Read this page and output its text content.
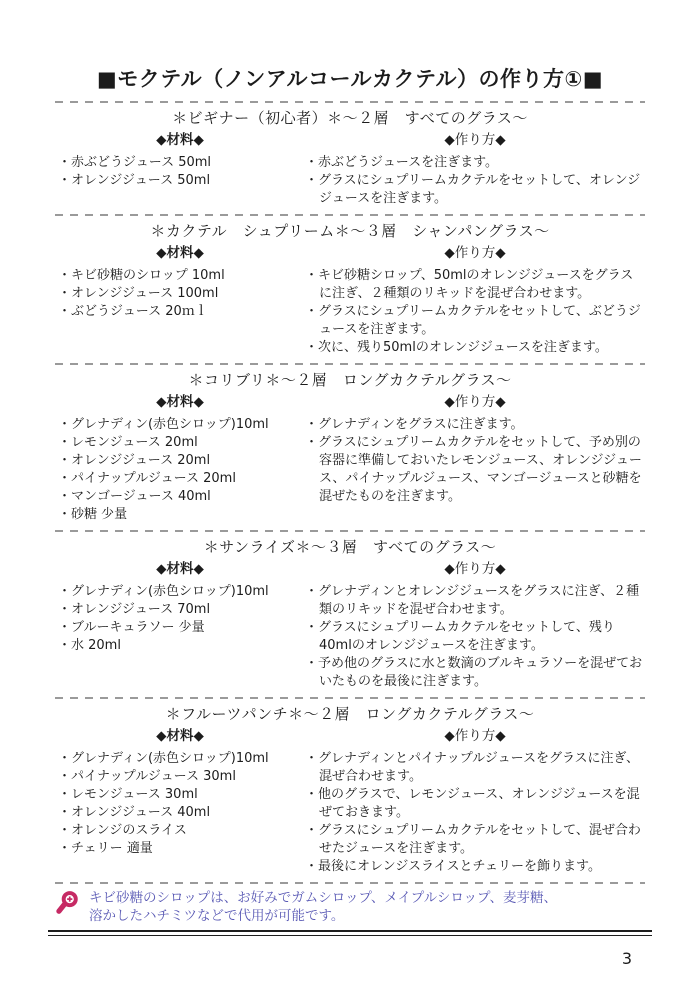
■モクテル（ノンアルコールカクテル）の作り方①■
＊ビギナー（初心者）＊～２層　すべてのグラス～
◆材料◆
・赤ぶどうジュース 50ml
・オレンジジュース 50ml
◆作り方◆
・赤ぶどうジュースを注ぎます。
・グラスにシュプリームカクテルをセットして、オレンジジュースを注ぎます。
＊カクテル　シュプリーム＊～３層　シャンパングラス～
◆材料◆
・キビ砂糖のシロップ 10ml
・オレンジジュース 100ml
・ぶどうジュース 20ｍｌ
◆作り方◆
・キビ砂糖シロップ、50mlのオレンジジュースをグラスに注ぎ、２種類のリキッドを混ぜ合わせます。
・グラスにシュプリームカクテルをセットして、ぶどうジュースを注ぎます。
・次に、残り50mlのオレンジジュースを注ぎます。
＊コリブリ＊～２層　ロングカクテルグラス～
◆材料◆
・グレナディン(赤色シロップ)10ml
・レモンジュース 20ml
・オレンジジュース 20ml
・パイナップルジュース 20ml
・マンゴージュース 40ml
・砂糖 少量
◆作り方◆
・グレナディンをグラスに注ぎます。
・グラスにシュプリームカクテルをセットして、予め別の容器に準備しておいたレモンジュース、オレンジジュース、パイナップルジュース、マンゴージュースと砂糖を混ぜたものを注ぎます。
＊サンライズ＊～３層　すべてのグラス～
◆材料◆
・グレナディン(赤色シロップ)10ml
・オレンジジュース 70ml
・ブルーキュラソー 少量
・水 20ml
◆作り方◆
・グレナディンとオレンジジュースをグラスに注ぎ、２種類のリキッドを混ぜ合わせます。
・グラスにシュプリームカクテルをセットして、残り40mlのオレンジジュースを注ぎます。
・予め他のグラスに水と数滴のブルキュラソーを混ぜておいたものを最後に注ぎます。
＊フルーツパンチ＊～２層　ロングカクテルグラス～
◆材料◆
・グレナディン(赤色シロップ)10ml
・パイナップルジュース 30ml
・レモンジュース 30ml
・オレンジジュース 40ml
・オレンジのスライス
・チェリー 適量
◆作り方◆
・グレナディンとパイナップルジュースをグラスに注ぎ、混ぜ合わせます。
・他のグラスで、レモンジュース、オレンジジュースを混ぜておきます。
・グラスにシュプリームカクテルをセットして、混ぜ合わせたジュースを注ぎます。
・最後にオレンジスライスとチェリーを飾ります。
キビ砂糖のシロップは、お好みでガムシロップ、メイプルシロップ、麦芽糖、
溶かしたハチミツなどで代用が可能です。
3
